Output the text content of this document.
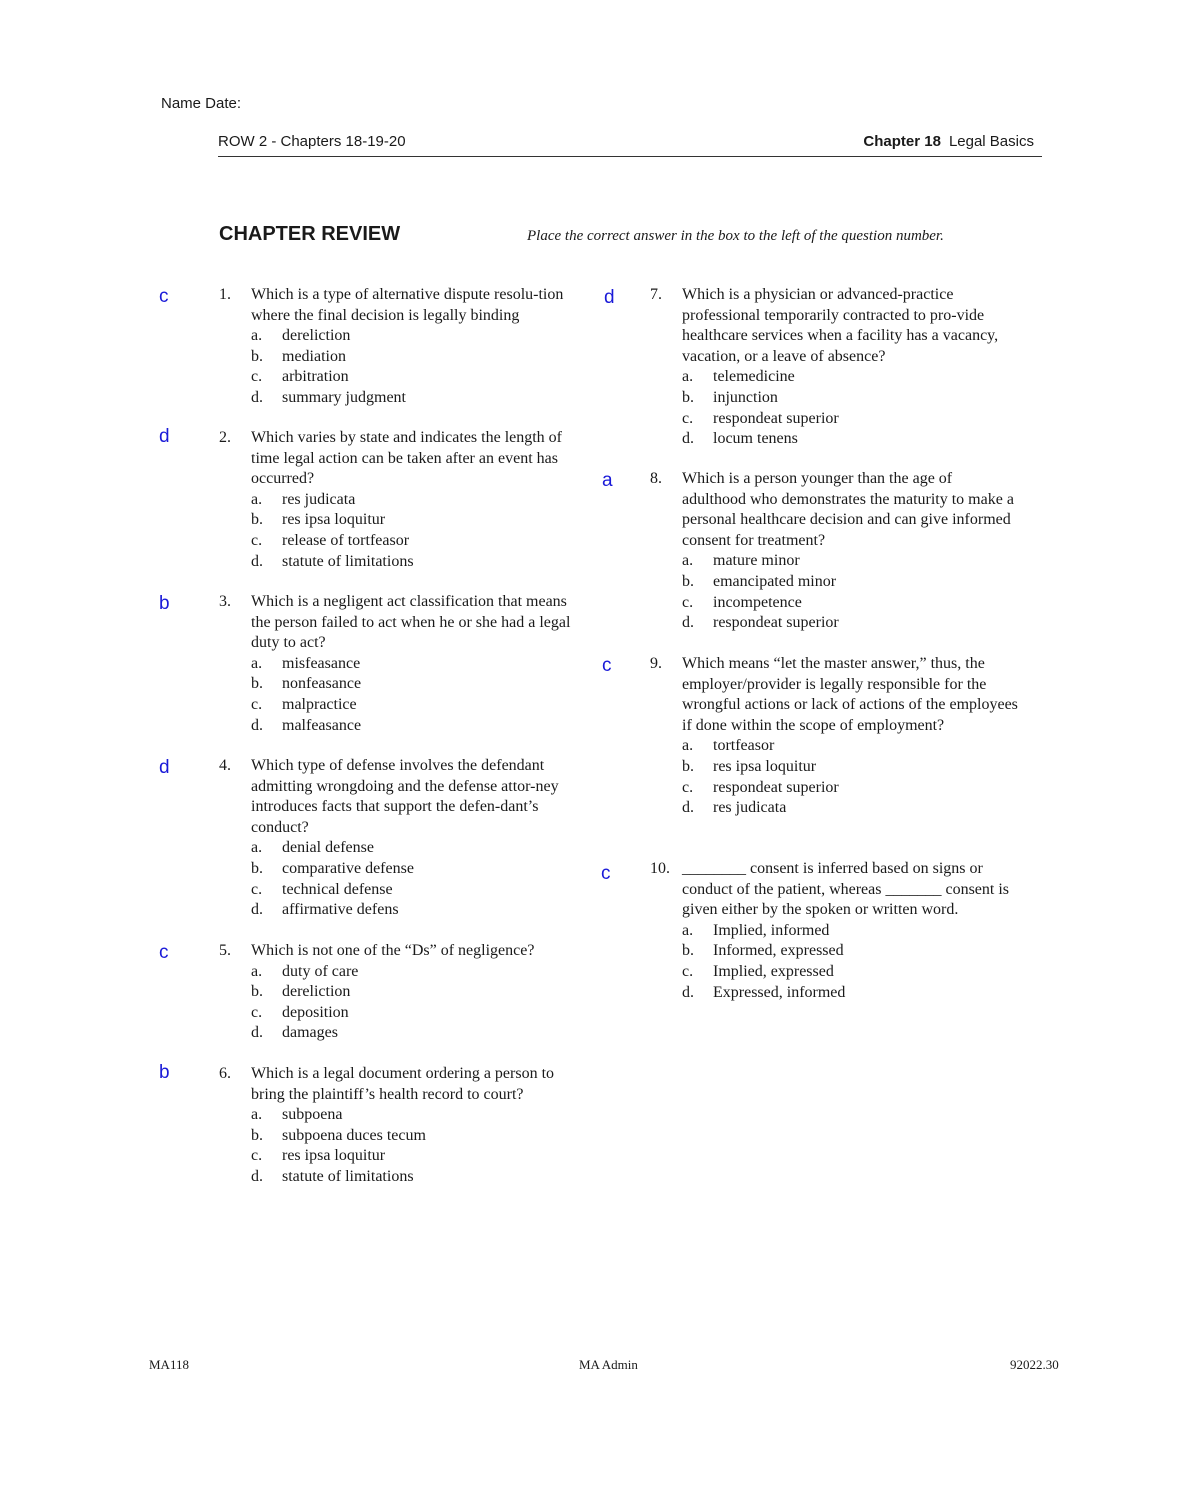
Name Date:
ROW 2 - Chapters 18-19-20	Chapter 18 Legal Basics
CHAPTER REVIEW	Place the correct answer in the box to the left of the question number.
c	1.	Which is a type of alternative dispute resolu-tion where the final decision is legally binding
a. dereliction
b. mediation
c. arbitration
d. summary judgment
d	2.	Which varies by state and indicates the length of time legal action can be taken after an event has occurred?
a. res judicata
b. res ipsa loquitur
c. release of tortfeasor
d. statute of limitations
b	3.	Which is a negligent act classification that means the person failed to act when he or she had a legal duty to act?
a. misfeasance
b. nonfeasance
c. malpractice
d. malfeasance
d	4.	Which type of defense involves the defendant admitting wrongdoing and the defense attor-ney introduces facts that support the defen-dant’s conduct?
a. denial defense
b. comparative defense
c. technical defense
d. affirmative defens
c	5.	Which is not one of the “Ds” of negligence?
a. duty of care
b. dereliction
c. deposition
d. damages
b	6.	Which is a legal document ordering a person to bring the plaintiff’s health record to court?
a. subpoena
b. subpoena duces tecum
c. res ipsa loquitur
d. statute of limitations
d 7.	Which is a physician or advanced-practice professional temporarily contracted to pro-vide healthcare services when a facility has a vacancy, vacation, or a leave of absence?
a. telemedicine
b. injunction
c. respondeat superior
d. locum tenens
a 8.	Which is a person younger than the age of adulthood who demonstrates the maturity to make a personal healthcare decision and can give informed consent for treatment?
a. mature minor
b. emancipated minor
c. incompetence
d. respondeat superior
c 9.	Which means “let the master answer,” thus, the employer/provider is legally responsible for the wrongful actions or lack of actions of the employees if done within the scope of employment?
a. tortfeasor
b. res ipsa loquitur
c. respondeat superior
d. res judicata
c 10. ________ consent is inferred based on signs or conduct of the patient, whereas _______ consent is given either by the spoken or written word.
a. Implied, informed
b. Informed, expressed
c. Implied, expressed
d. Expressed, informed
MA118	MA Admin	92022.30
